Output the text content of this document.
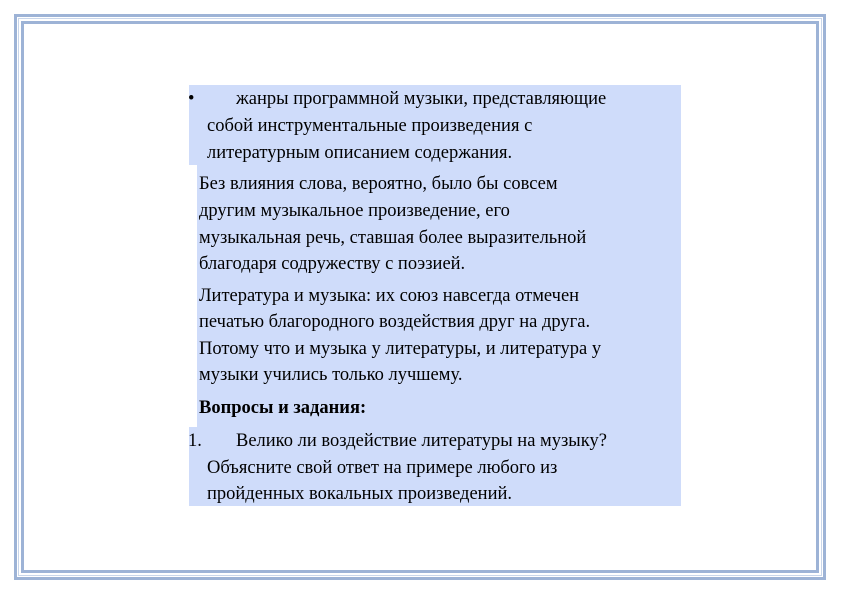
• жанры программной музыки, представляющие
собой инструментальные произведения с
литературным описанием содержания.
Без влияния слова, вероятно, было бы совсем
другим музыкальное произведение, его
музыкальная речь, ставшая более выразительной
благодаря содружеству с поэзией.
Литература и музыка: их союз навсегда отмечен
печатью благородного воздействия друг на друга.
Потому что и музыка у литературы, и литература у
музыки учились только лучшему.
Вопросы и задания:
1. Велико ли воздействие литературы на музыку?
Объясните свой ответ на примере любого из
пройденных вокальных произведений.
